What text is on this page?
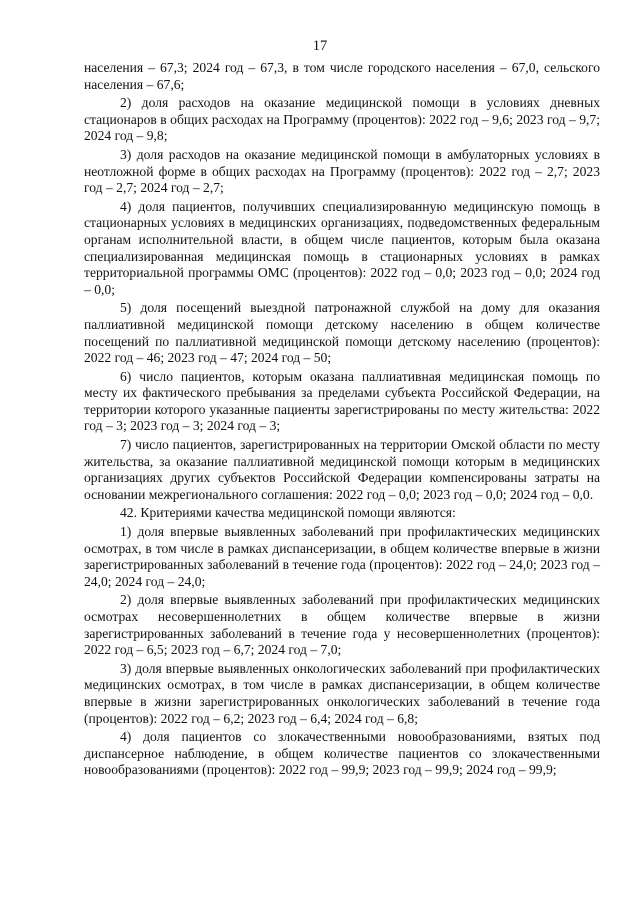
17

населения – 67,3; 2024 год – 67,3, в том числе городского населения – 67,0, сельского населения – 67,6;

2) доля расходов на оказание медицинской помощи в условиях дневных стационаров в общих расходах на Программу (процентов): 2022 год – 9,6; 2023 год – 9,7; 2024 год – 9,8;

3) доля расходов на оказание медицинской помощи в амбулаторных условиях в неотложной форме в общих расходах на Программу (процентов): 2022 год – 2,7; 2023 год – 2,7; 2024 год – 2,7;

4) доля пациентов, получивших специализированную медицинскую помощь в стационарных условиях в медицинских организациях, подведомственных федеральным органам исполнительной власти, в общем числе пациентов, которым была оказана специализированная медицинская помощь в стационарных условиях в рамках территориальной программы ОМС (процентов): 2022 год – 0,0; 2023 год – 0,0; 2024 год – 0,0;

5) доля посещений выездной патронажной службой на дому для оказания паллиативной медицинской помощи детскому населению в общем количестве посещений по паллиативной медицинской помощи детскому населению (процентов): 2022 год – 46; 2023 год – 47; 2024 год – 50;

6) число пациентов, которым оказана паллиативная медицинская помощь по месту их фактического пребывания за пределами субъекта Российской Федерации, на территории которого указанные пациенты зарегистрированы по месту жительства: 2022 год – 3; 2023 год – 3; 2024 год – 3;

7) число пациентов, зарегистрированных на территории Омской области по месту жительства, за оказание паллиативной медицинской помощи которым в медицинских организациях других субъектов Российской Федерации компенсированы затраты на основании межрегионального соглашения: 2022 год – 0,0; 2023 год – 0,0; 2024 год – 0,0.

42. Критериями качества медицинской помощи являются:

1) доля впервые выявленных заболеваний при профилактических медицинских осмотрах, в том числе в рамках диспансеризации, в общем количестве впервые в жизни зарегистрированных заболеваний в течение года (процентов): 2022 год – 24,0; 2023 год – 24,0; 2024 год – 24,0;

2) доля впервые выявленных заболеваний при профилактических медицинских осмотрах несовершеннолетних в общем количестве впервые в жизни зарегистрированных заболеваний в течение года у несовершеннолетних (процентов): 2022 год – 6,5; 2023 год – 6,7; 2024 год – 7,0;

3) доля впервые выявленных онкологических заболеваний при профилактических медицинских осмотрах, в том числе в рамках диспансеризации, в общем количестве впервые в жизни зарегистрированных онкологических заболеваний в течение года (процентов): 2022 год – 6,2; 2023 год – 6,4; 2024 год – 6,8;

4) доля пациентов со злокачественными новообразованиями, взятых под диспансерное наблюдение, в общем количестве пациентов со злокачественными новообразованиями (процентов): 2022 год – 99,9; 2023 год – 99,9; 2024 год – 99,9;
